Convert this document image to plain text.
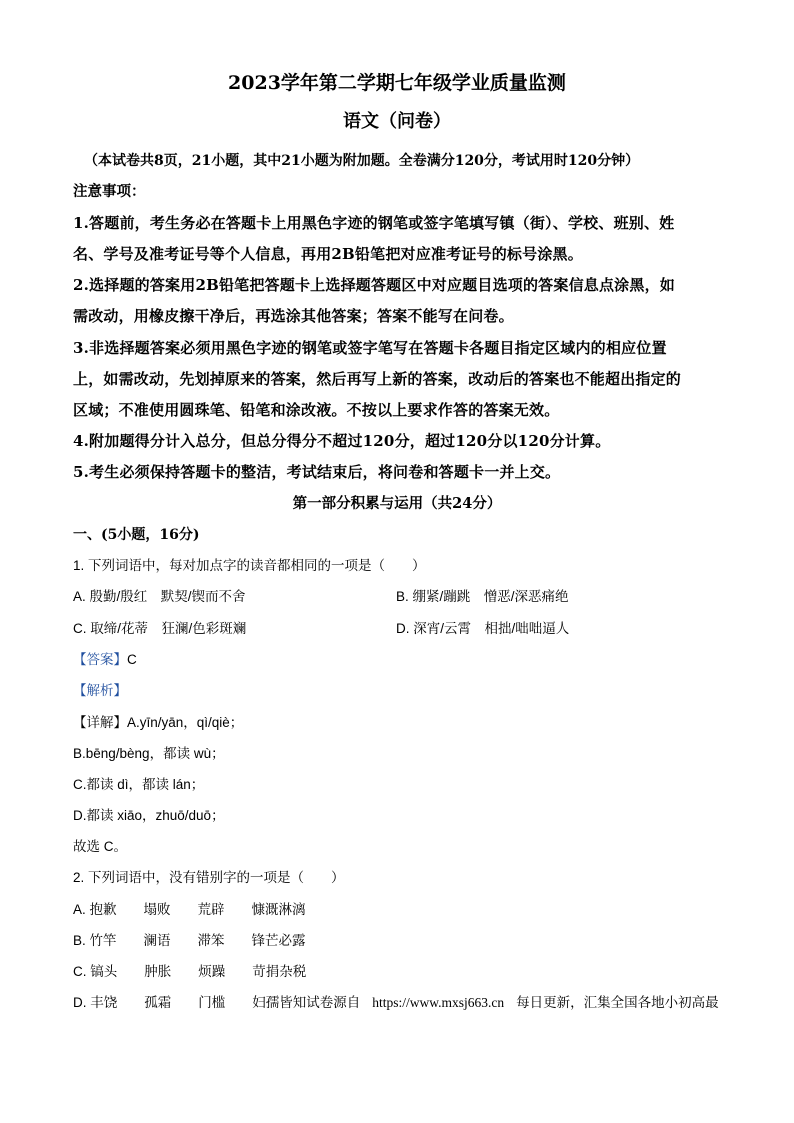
2023学年第二学期七年级学业质量监测
语文（问卷）
（本试卷共8页，21小题，其中21小题为附加题。全卷满分120分，考试用时120分钟）
注意事项：
1.答题前，考生务必在答题卡上用黑色字迹的钢笔或签字笔填写镇（街）、学校、班别、姓
名、学号及准考证号等个人信息，再用2B铅笔把对应准考证号的标号涂黑。
2.选择题的答案用2B铅笔把答题卡上选择题答题区中对应题目选项的答案信息点涂黑，如
需改动，用橡皮擦干净后，再选涂其他答案；答案不能写在问卷。
3.非选择题答案必须用黑色字迹的钢笔或签字笔写在答题卡各题目指定区域内的相应位置
上，如需改动，先划掉原来的答案，然后再写上新的答案，改动后的答案也不能超出指定的
区域；不准使用圆珠笔、铅笔和涂改液。不按以上要求作答的答案无效。
4.附加题得分计入总分，但总分得分不超过120分，超过120分以120分计算。
5.考生必须保持答题卡的整洁，考试结束后，将问卷和答题卡一并上交。
第一部分积累与运用（共24分）
一、(5小题，16分)
1. 下列词语中，每对加点字的读音都相同的一项是（　　）
A. 殷勤/殷红　默契/锲而不舍	B. 绷紧/蹦跳　憎恶/深恶痛绝
C. 取缔/花蒂　狂澜/色彩斑斓	D. 深宵/云霄　相拙/咄咄逼人
【答案】C
【解析】
【详解】A.yīn/yān，qì/qiè；
B.bēng/bèng，都读 wù；
C.都读 dì，都读 lán；
D.都读 xiāo，zhuō/duō；
故选 C。
2. 下列词语中，没有错别字的一项是（　　）
A. 抱歉　　塌败　　荒辟　　慷溉淋漓
B. 竹竿　　澜语　　滞笨　　锋芒必露
C. 镐头　　肿胀　　烦躁　　苛捐杂税
D. 丰饶　　孤霜　　门槛　　妇孺皆知试卷源自 https://www.mxsj663.cn 每日更新，汇集全国各地小初高最
